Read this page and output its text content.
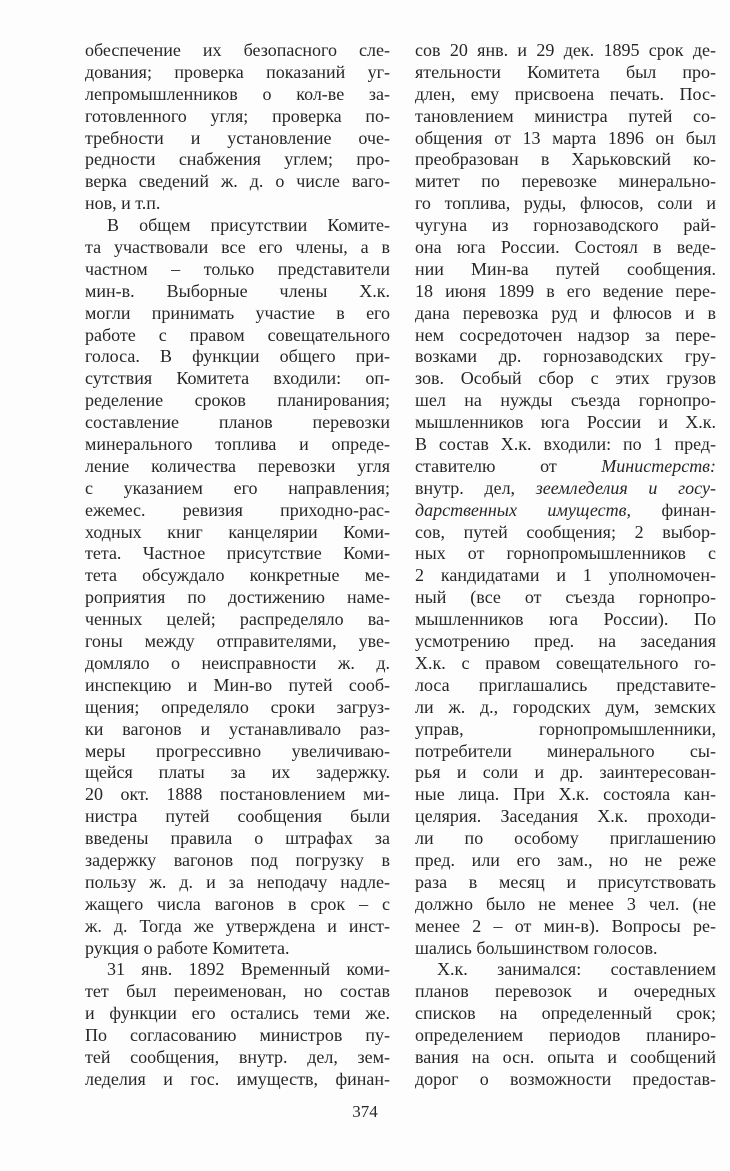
обеспечение их безопасного сле-
дования; проверка показаний уг-
лепромышленников о кол-ве за-
готовленного угля; проверка по-
требности и установление оче-
редности снабжения углем; про-
верка сведений ж. д. о числе ваго-
нов, и т.п.
В общем присутствии Комите-
та участвовали все его члены, а в
частном – только представители
мин-в. Выборные члены Х.к.
могли принимать участие в его
работе с правом совещательного
голоса. В функции общего при-
сутствия Комитета входили: оп-
ределение сроков планирования;
составление планов перевозки
минерального топлива и опреде-
ление количества перевозки угля
с указанием его направления;
ежемес. ревизия приходно-рас-
ходных книг канцелярии Коми-
тета. Частное присутствие Коми-
тета обсуждало конкретные ме-
роприятия по достижению наме-
ченных целей; распределяло ва-
гоны между отправителями, уве-
домляло о неисправности ж. д.
инспекцию и Мин-во путей сооб-
щения; определяло сроки загруз-
ки вагонов и устанавливало раз-
меры прогрессивно увеличиваю-
щейся платы за их задержку.
20 окт. 1888 постановлением ми-
нистра путей сообщения были
введены правила о штрафах за
задержку вагонов под погрузку в
пользу ж. д. и за неподачу надле-
жащего числа вагонов в срок – с
ж. д. Тогда же утверждена и инст-
рукция о работе Комитета.
31 янв. 1892 Временный коми-
тет был переименован, но состав
и функции его остались теми же.
По согласованию министров пу-
тей сообщения, внутр. дел, зем-
леделия и гос. имуществ, финан-
сов 20 янв. и 29 дек. 1895 срок де-
ятельности Комитета был про-
длен, ему присвоена печать. Пос-
тановлением министра путей со-
общения от 13 марта 1896 он был
преобразован в Харьковский ко-
митет по перевозке минерально-
го топлива, руды, флюсов, соли и
чугуна из горнозаводского рай-
она юга России. Состоял в веде-
нии Мин-ва путей сообщения.
18 июня 1899 в его ведение пере-
дана перевозка руд и флюсов и в
нем сосредоточен надзор за пере-
возками др. горнозаводских гру-
зов. Особый сбор с этих грузов
шел на нужды съезда горнопро-
мышленников юга России и Х.к.
В состав Х.к. входили: по 1 пред-
ставителю от Министерств:
внутр. дел, зеемледелия и госу-
дарственных имуществ, финан-
сов, путей сообщения; 2 выбор-
ных от горнопромышленников с
2 кандидатами и 1 уполномочен-
ный (все от съезда горнопро-
мышленников юга России). По
усмотрению пред. на заседания
Х.к. с правом совещательного го-
лоса приглашались представите-
ли ж. д., городских дум, земских
управ, горнопромышленники,
потребители минерального сы-
рья и соли и др. заинтересован-
ные лица. При Х.к. состояла кан-
целярия. Заседания Х.к. проходи-
ли по особому приглашению
пред. или его зам., но не реже
раза в месяц и присутствовать
должно было не менее 3 чел. (не
менее 2 – от мин-в). Вопросы ре-
шались большинством голосов.
Х.к. занимался: составлением
планов перевозок и очередных
списков на определенный срок;
определением периодов планиро-
вания на осн. опыта и сообщений
дорог о возможности предостав-
374
